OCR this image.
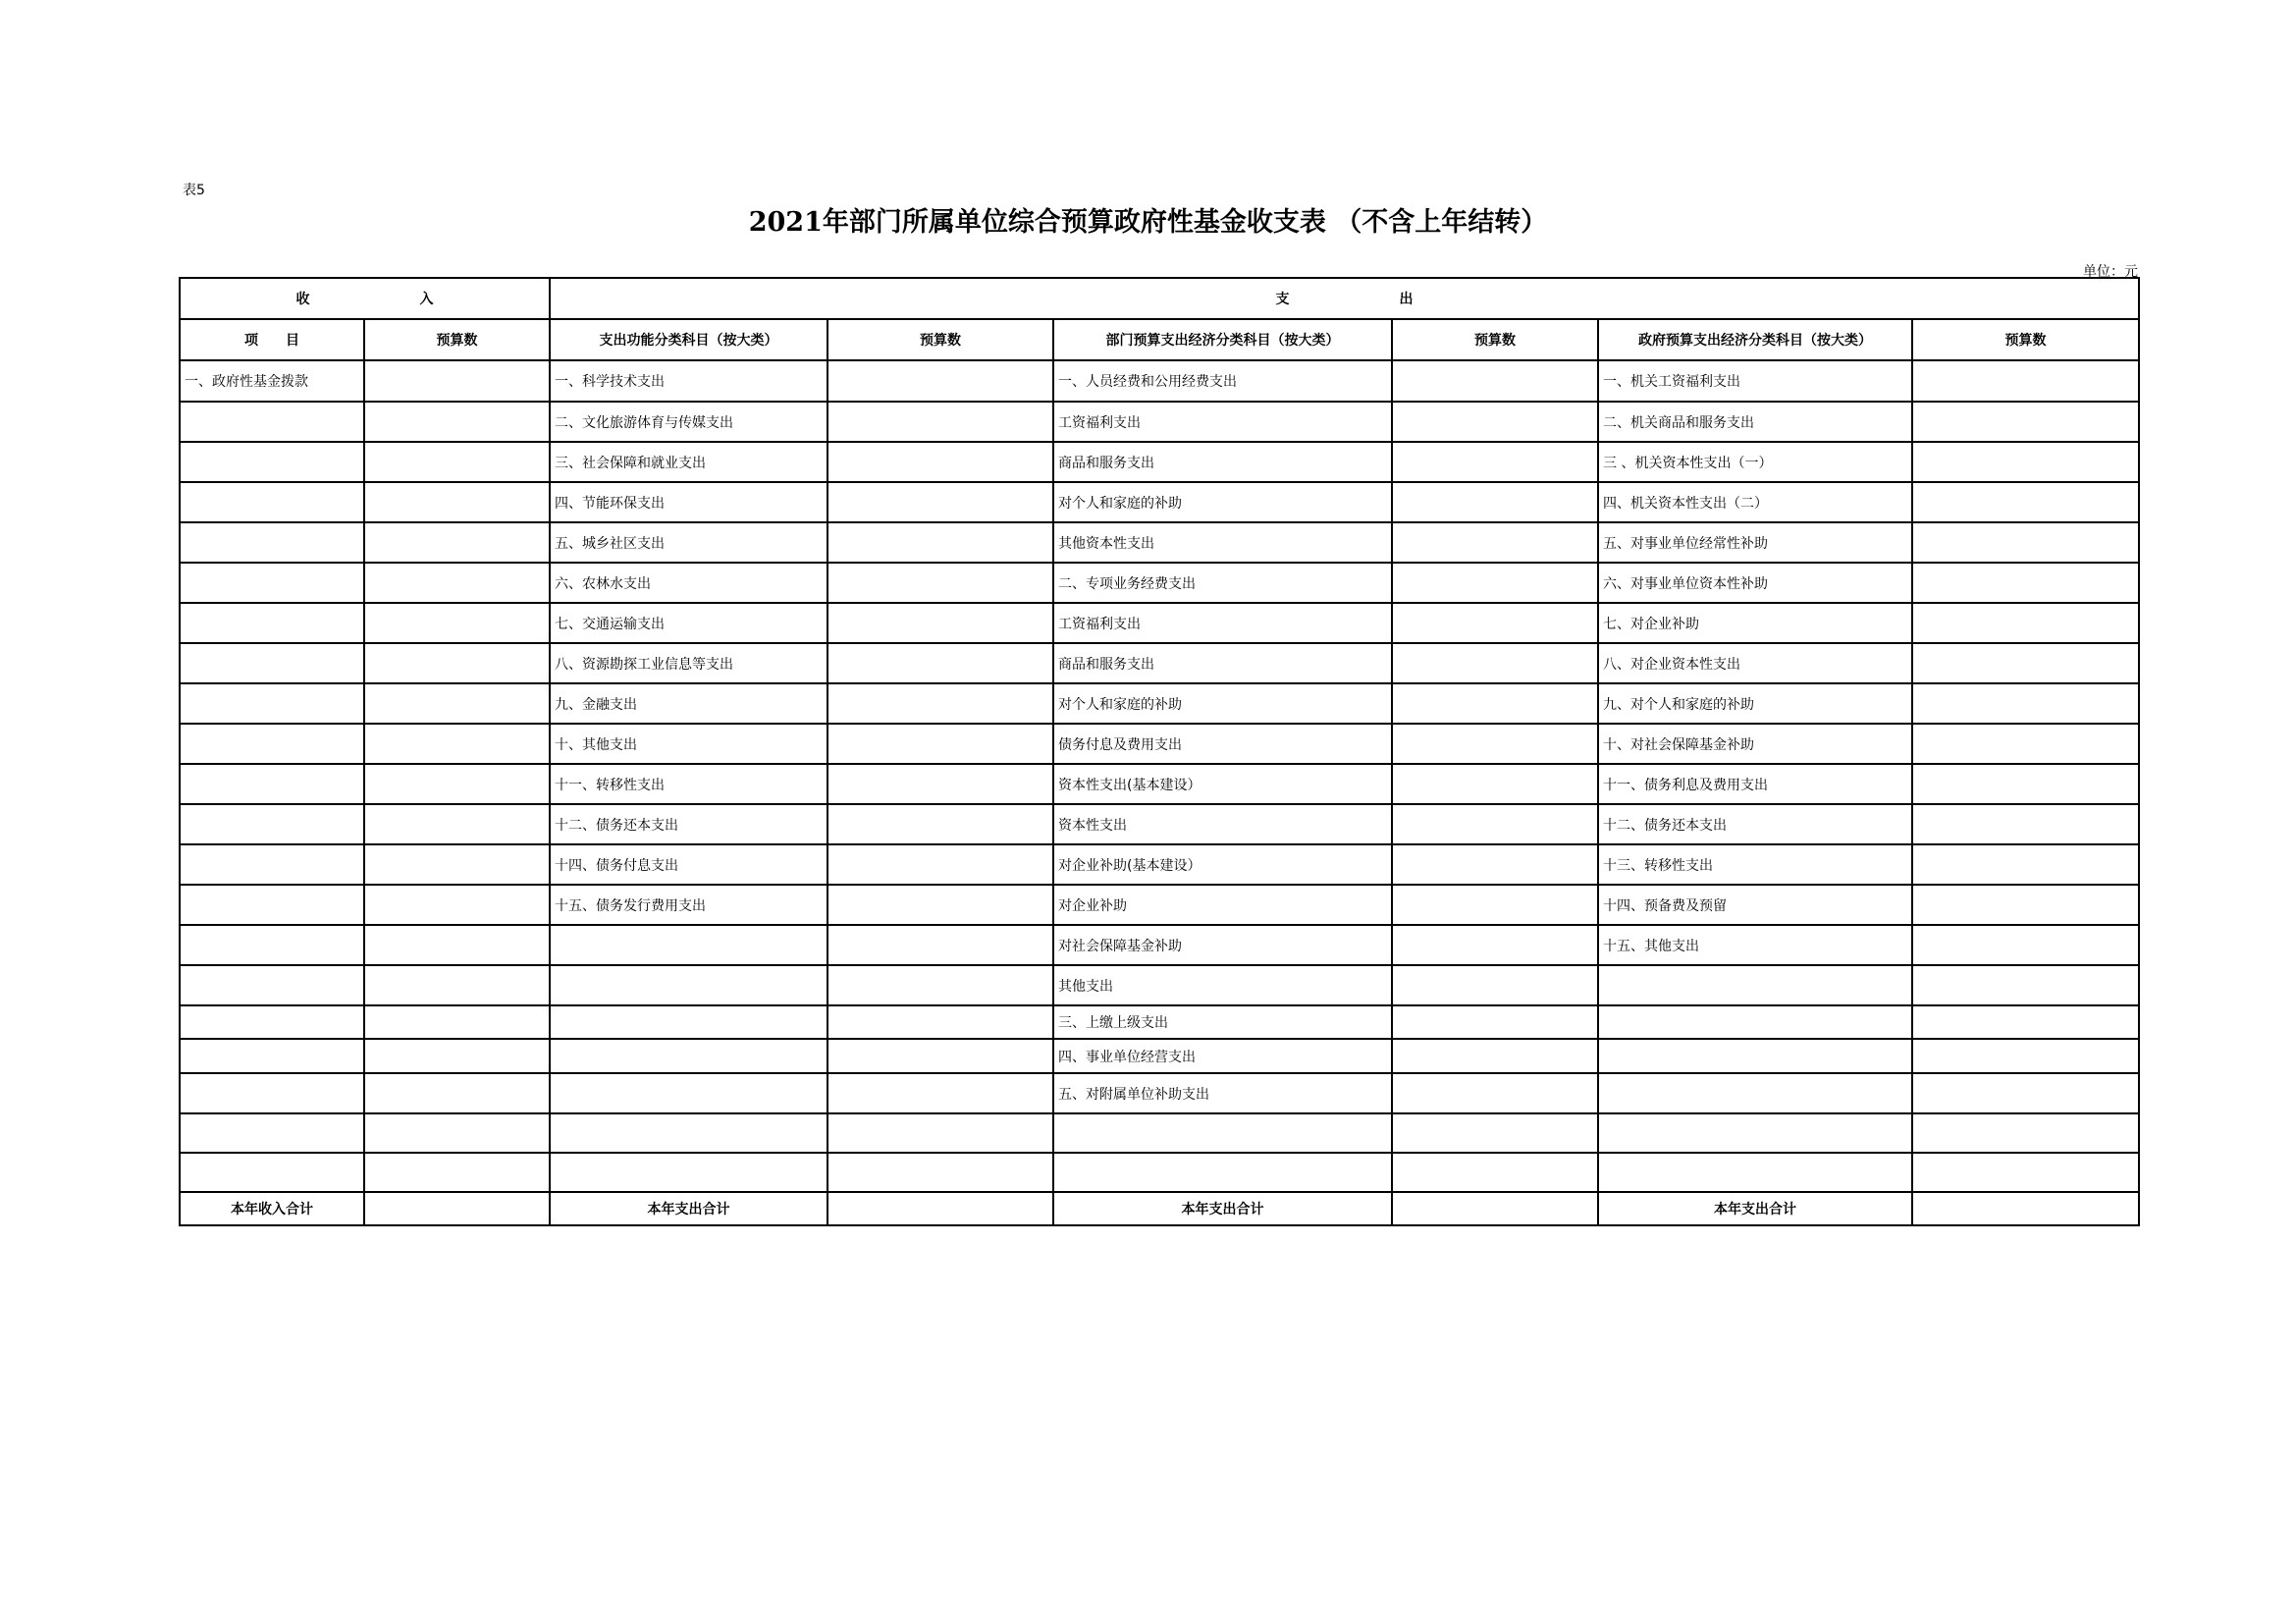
表5
2021年部门所属单位综合预算政府性基金收支表 （不含上年结转）
单位：元
收　　　　　　　　入		支　　　　　　　　出					
项　　目	预算数	支出功能分类科目（按大类）	预算数	部门预算支出经济分类科目（按大类）	预算数	政府预算支出经济分类科目（按大类）	预算数
一、政府性基金拨款		一、科学技术支出		一、人员经费和公用经费支出		一、机关工资福利支出	
		二、文化旅游体育与传媒支出		工资福利支出		二、机关商品和服务支出	
		三、社会保障和就业支出		商品和服务支出		三 、机关资本性支出（一）	
		四、节能环保支出		对个人和家庭的补助		四、机关资本性支出（二）	
		五、城乡社区支出		其他资本性支出		五、对事业单位经常性补助	
		六、农林水支出		二、专项业务经费支出		六、对事业单位资本性补助	
		七、交通运输支出		工资福利支出		七、对企业补助	
		八、资源勘探工业信息等支出		商品和服务支出		八、对企业资本性支出	
		九、金融支出		对个人和家庭的补助		九、对个人和家庭的补助	
		十、其他支出		债务付息及费用支出		十、对社会保障基金补助	
		十一、转移性支出		资本性支出(基本建设）		十一、债务利息及费用支出	
		十二、债务还本支出		资本性支出		十二、债务还本支出	
		十四、债务付息支出		对企业补助(基本建设）		十三、转移性支出	
		十五、债务发行费用支出		对企业补助		十四、预备费及预留	
				对社会保障基金补助		十五、其他支出	
				其他支出			
				三、上缴上级支出			
				四、事业单位经营支出			
				五、对附属单位补助支出			

本年收入合计		本年支出合计		本年支出合计		本年支出合计	
